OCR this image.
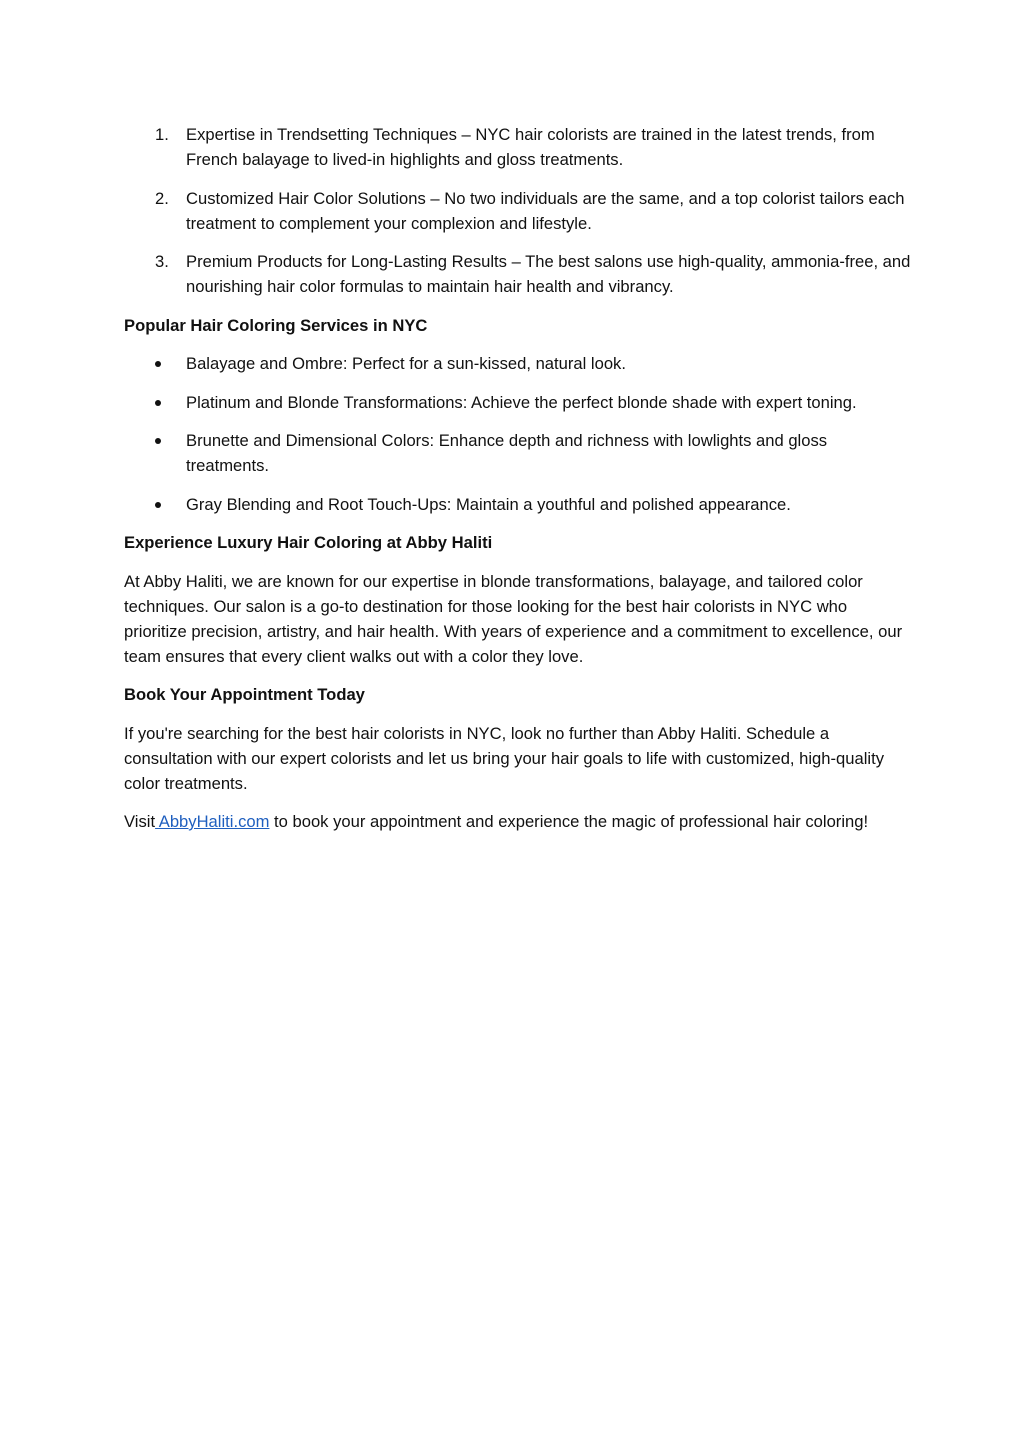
1. Expertise in Trendsetting Techniques – NYC hair colorists are trained in the latest trends, from French balayage to lived-in highlights and gloss treatments.
2. Customized Hair Color Solutions – No two individuals are the same, and a top colorist tailors each treatment to complement your complexion and lifestyle.
3. Premium Products for Long-Lasting Results – The best salons use high-quality, ammonia-free, and nourishing hair color formulas to maintain hair health and vibrancy.

Popular Hair Coloring Services in NYC

Balayage and Ombre: Perfect for a sun-kissed, natural look.
Platinum and Blonde Transformations: Achieve the perfect blonde shade with expert toning.
Brunette and Dimensional Colors: Enhance depth and richness with lowlights and gloss treatments.
Gray Blending and Root Touch-Ups: Maintain a youthful and polished appearance.

Experience Luxury Hair Coloring at Abby Haliti

At Abby Haliti, we are known for our expertise in blonde transformations, balayage, and tailored color techniques. Our salon is a go-to destination for those looking for the best hair colorists in NYC who prioritize precision, artistry, and hair health. With years of experience and a commitment to excellence, our team ensures that every client walks out with a color they love.

Book Your Appointment Today

If you're searching for the best hair colorists in NYC, look no further than Abby Haliti. Schedule a consultation with our expert colorists and let us bring your hair goals to life with customized, high-quality color treatments.

Visit AbbyHaliti.com to book your appointment and experience the magic of professional hair coloring!
